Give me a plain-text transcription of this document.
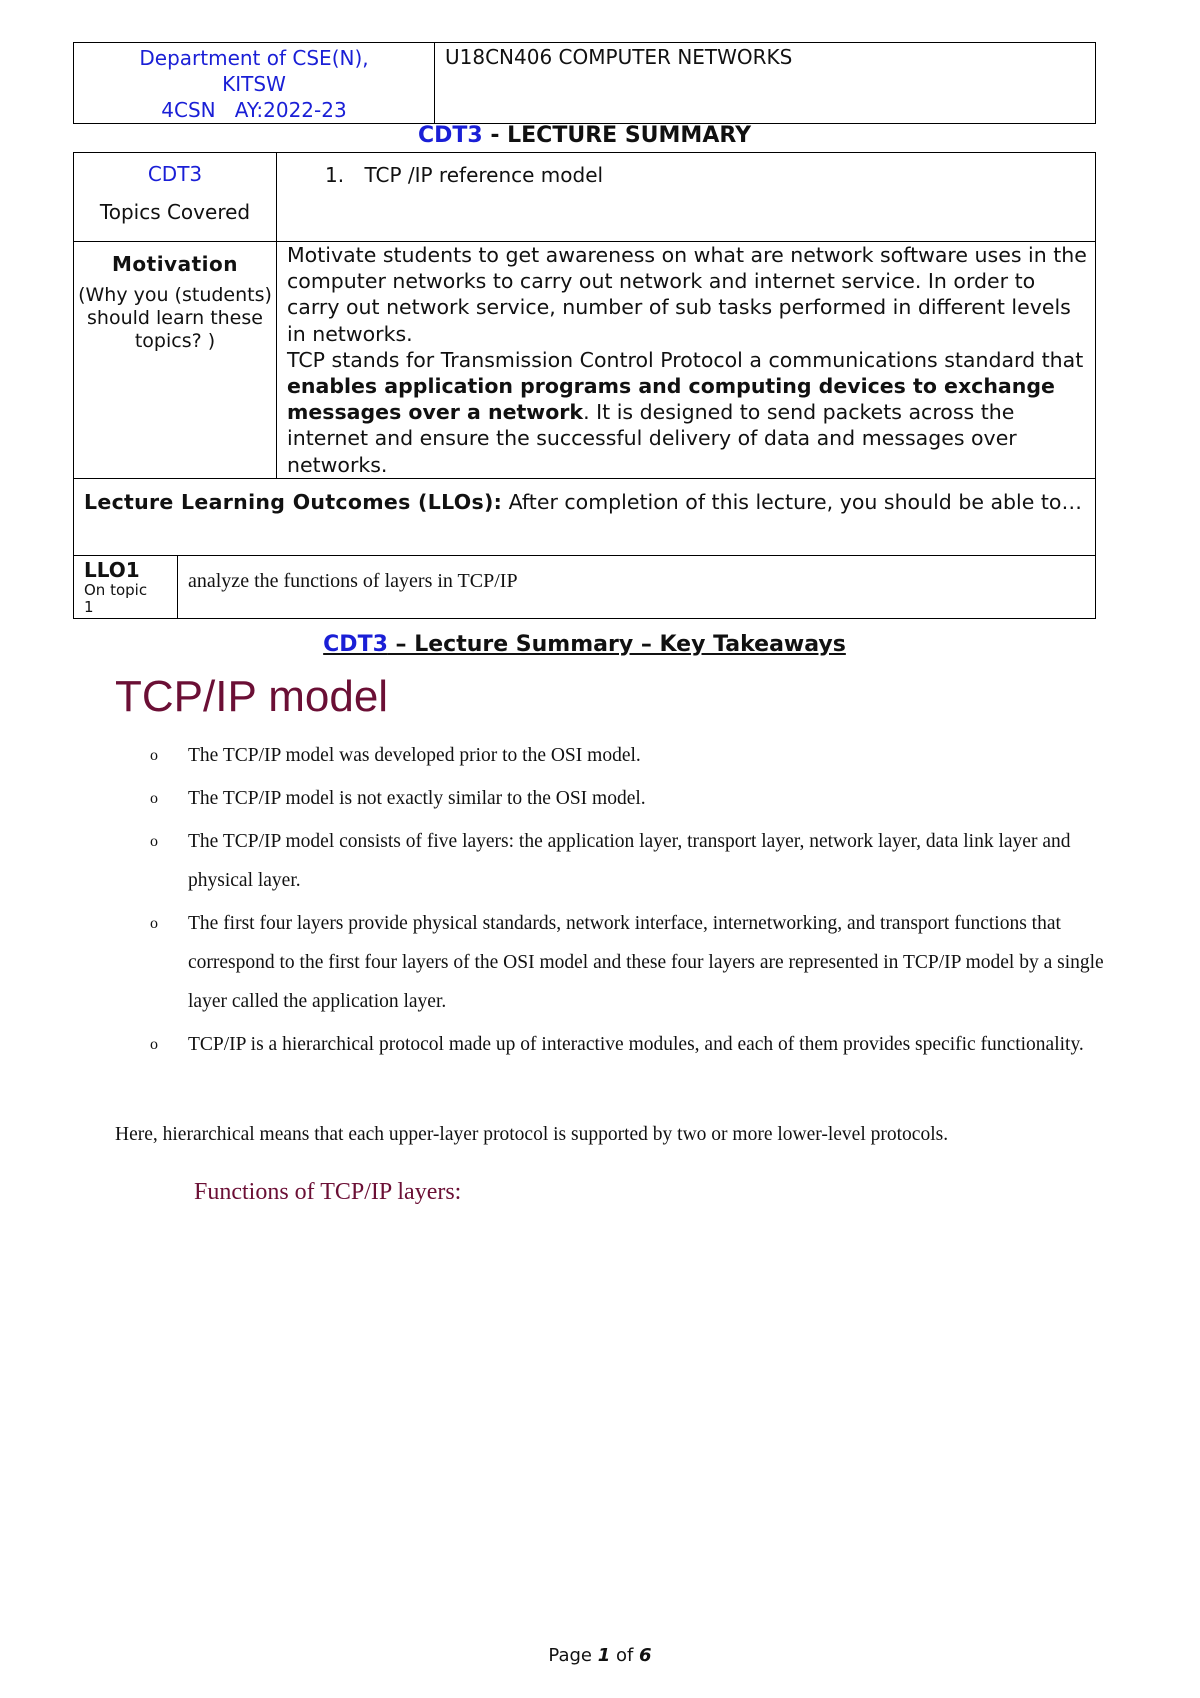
Department of CSE(N),
KITSW
4CSN   AY:2022-23
	U18CN406 COMPUTER NETWORKS
CDT3 - LECTURE SUMMARY
CDT3
Topics Covered
	1. TCP /IP reference model

Motivation
(Why you (students) should learn these topics? )

Motivate students to get awareness on what are network software uses in the computer networks to carry out network and internet service. In order to carry out network service, number of sub tasks performed in different levels in networks.
TCP stands for Transmission Control Protocol a communications standard that enables application programs and computing devices to exchange messages over a network. It is designed to send packets across the internet and ensure the successful delivery of data and messages over networks.

Lecture Learning Outcomes (LLOs): After completion of this lecture, you should be able to…

LLO1
On topic
1
	analyze the functions of layers in TCP/IP
CDT3 – Lecture Summary – Key Takeaways
TCP/IP model
o The TCP/IP model was developed prior to the OSI model.
o The TCP/IP model is not exactly similar to the OSI model.
o The TCP/IP model consists of five layers: the application layer, transport layer, network layer, data link layer and physical layer.
o The first four layers provide physical standards, network interface, internetworking, and transport functions that correspond to the first four layers of the OSI model and these four layers are represented in TCP/IP model by a single layer called the application layer.
o TCP/IP is a hierarchical protocol made up of interactive modules, and each of them provides specific functionality.
Here, hierarchical means that each upper-layer protocol is supported by two or more lower-level protocols.
Functions of TCP/IP layers:
Page 1 of 6
